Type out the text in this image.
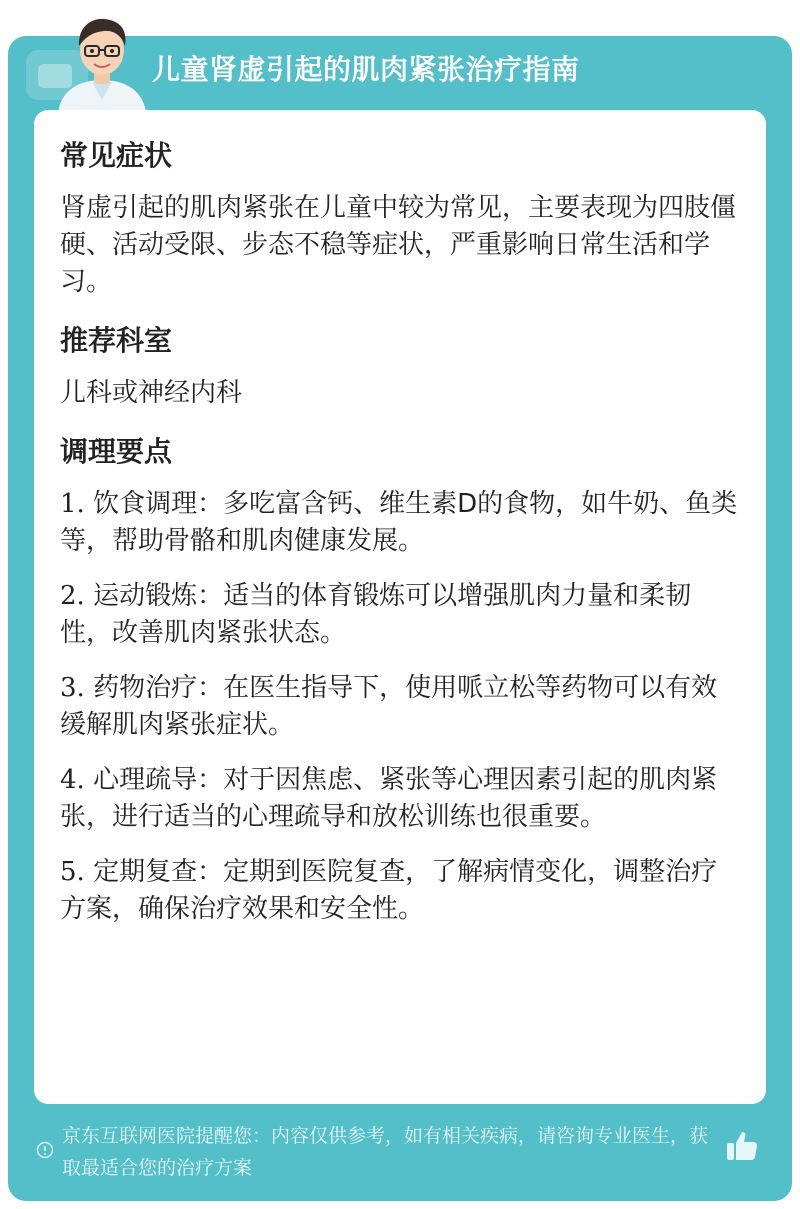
儿童肾虚引起的肌肉紧张治疗指南
常见症状
肾虚引起的肌肉紧张在儿童中较为常见，主要表现为四肢僵硬、活动受限、步态不稳等症状，严重影响日常生活和学习。
推荐科室
儿科或神经内科
调理要点
1. 饮食调理：多吃富含钙、维生素D的食物，如牛奶、鱼类等，帮助骨骼和肌肉健康发展。
2. 运动锻炼：适当的体育锻炼可以增强肌肉力量和柔韧性，改善肌肉紧张状态。
3. 药物治疗：在医生指导下，使用哌立松等药物可以有效缓解肌肉紧张症状。
4. 心理疏导：对于因焦虑、紧张等心理因素引起的肌肉紧张，进行适当的心理疏导和放松训练也很重要。
5. 定期复查：定期到医院复查，了解病情变化，调整治疗方案，确保治疗效果和安全性。
京东互联网医院提醒您：内容仅供参考，如有相关疾病，请咨询专业医生，获取最适合您的治疗方案
